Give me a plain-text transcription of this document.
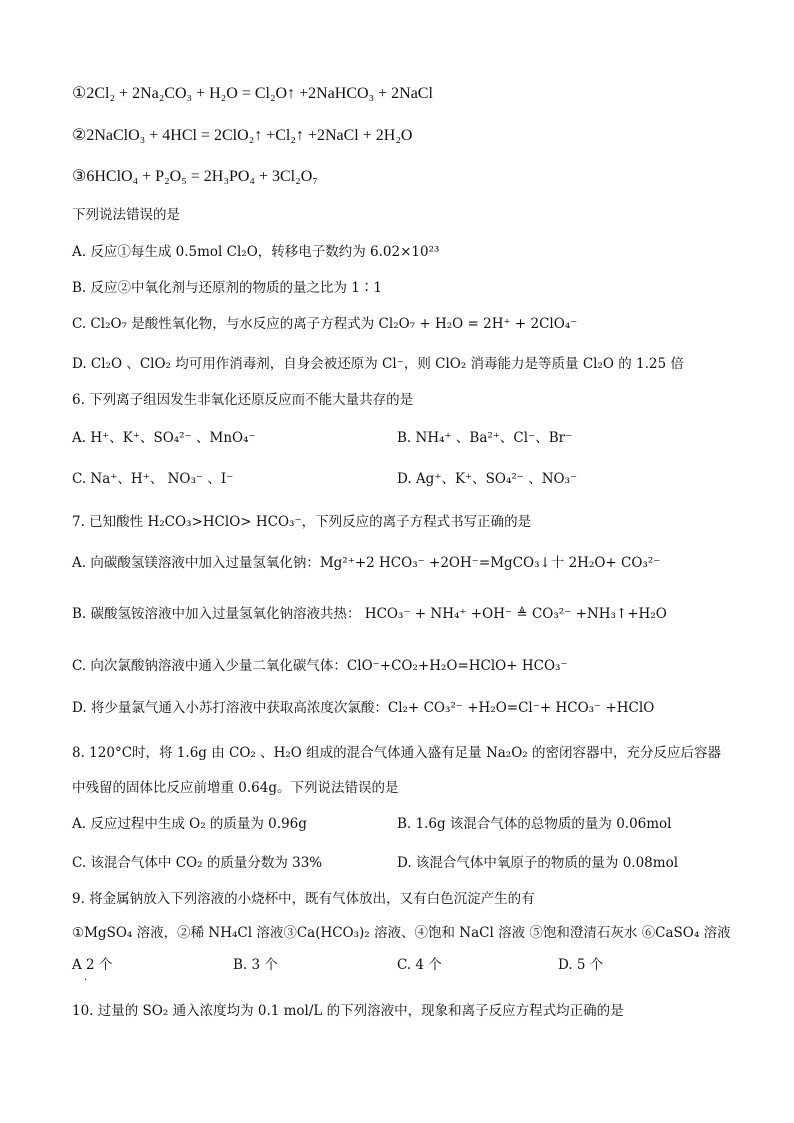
①2Cl₂ + 2Na₂CO₃ + H₂O = Cl₂O↑ +2NaHCO₃ + 2NaCl
②2NaClO₃ + 4HCl = 2ClO₂↑ +Cl₂↑ +2NaCl + 2H₂O
③6HClO₄ + P₂O₅ = 2H₃PO₄ + 3Cl₂O₇
下列说法错误的是
A. 反应①每生成 0.5mol Cl₂O，转移电子数约为 6.02×10²³
B. 反应②中氧化剂与还原剂的物质的量之比为 1∶1
C. Cl₂O₇ 是酸性氧化物，与水反应的离子方程式为 Cl₂O₇ + H₂O = 2H⁺ + 2ClO₄⁻
D. Cl₂O 、ClO₂ 均可用作消毒剂，自身会被还原为 Cl⁻，则 ClO₂ 消毒能力是等质量 Cl₂O 的 1.25 倍
6. 下列离子组因发生非氧化还原反应而不能大量共存的是
A. H⁺、K⁺、SO₄²⁻ 、MnO₄⁻	B. NH₄⁺ 、Ba²⁺、Cl⁻、Br⁻
C. Na⁺、H⁺、 NO₃⁻ 、I⁻	D. Ag⁺、K⁺、SO₄²⁻ 、NO₃⁻
7. 已知酸性 H₂CO₃>HClO> HCO₃⁻，下列反应的离子方程式书写正确的是
A. 向碳酸氢镁溶液中加入过量氢氧化钠：Mg²⁺+2 HCO₃⁻ +2OH⁻=MgCO₃↓十 2H₂O+ CO₃²⁻
B. 碳酸氢铵溶液中加入过量氢氧化钠溶液共热： HCO₃⁻ + NH₄⁺ +OH⁻ ≜ CO₃²⁻ +NH₃↑+H₂O
C. 向次氯酸钠溶液中通入少量二氧化碳气体：ClO⁻+CO₂+H₂O=HClO+ HCO₃⁻
D. 将少量氯气通入小苏打溶液中获取高浓度次氯酸：Cl₂+ CO₃²⁻ +H₂O=Cl⁻+ HCO₃⁻ +HClO
8. 120°C时，将 1.6g 由 CO₂ 、H₂O 组成的混合气体通入盛有足量 Na₂O₂ 的密闭容器中，充分反应后容器
中残留的固体比反应前增重 0.64g。下列说法错误的是
A. 反应过程中生成 O₂ 的质量为 0.96g	B. 1.6g 该混合气体的总物质的量为 0.06mol
C. 该混合气体中 CO₂ 的质量分数为 33%	D. 该混合气体中氧原子的物质的量为 0.08mol
9. 将金属钠放入下列溶液的小烧杯中，既有气体放出，又有白色沉淀产生的有
①MgSO₄ 溶液，②稀 NH₄Cl 溶液③Ca(HCO₃)₂ 溶液、④饱和 NaCl 溶液 ⑤饱和澄清石灰水 ⑥CaSO₄ 溶液
A 2 个	B. 3 个	C. 4 个	D. 5 个
·
10. 过量的 SO₂ 通入浓度均为 0.1 mol/L 的下列溶液中，现象和离子反应方程式均正确的是
